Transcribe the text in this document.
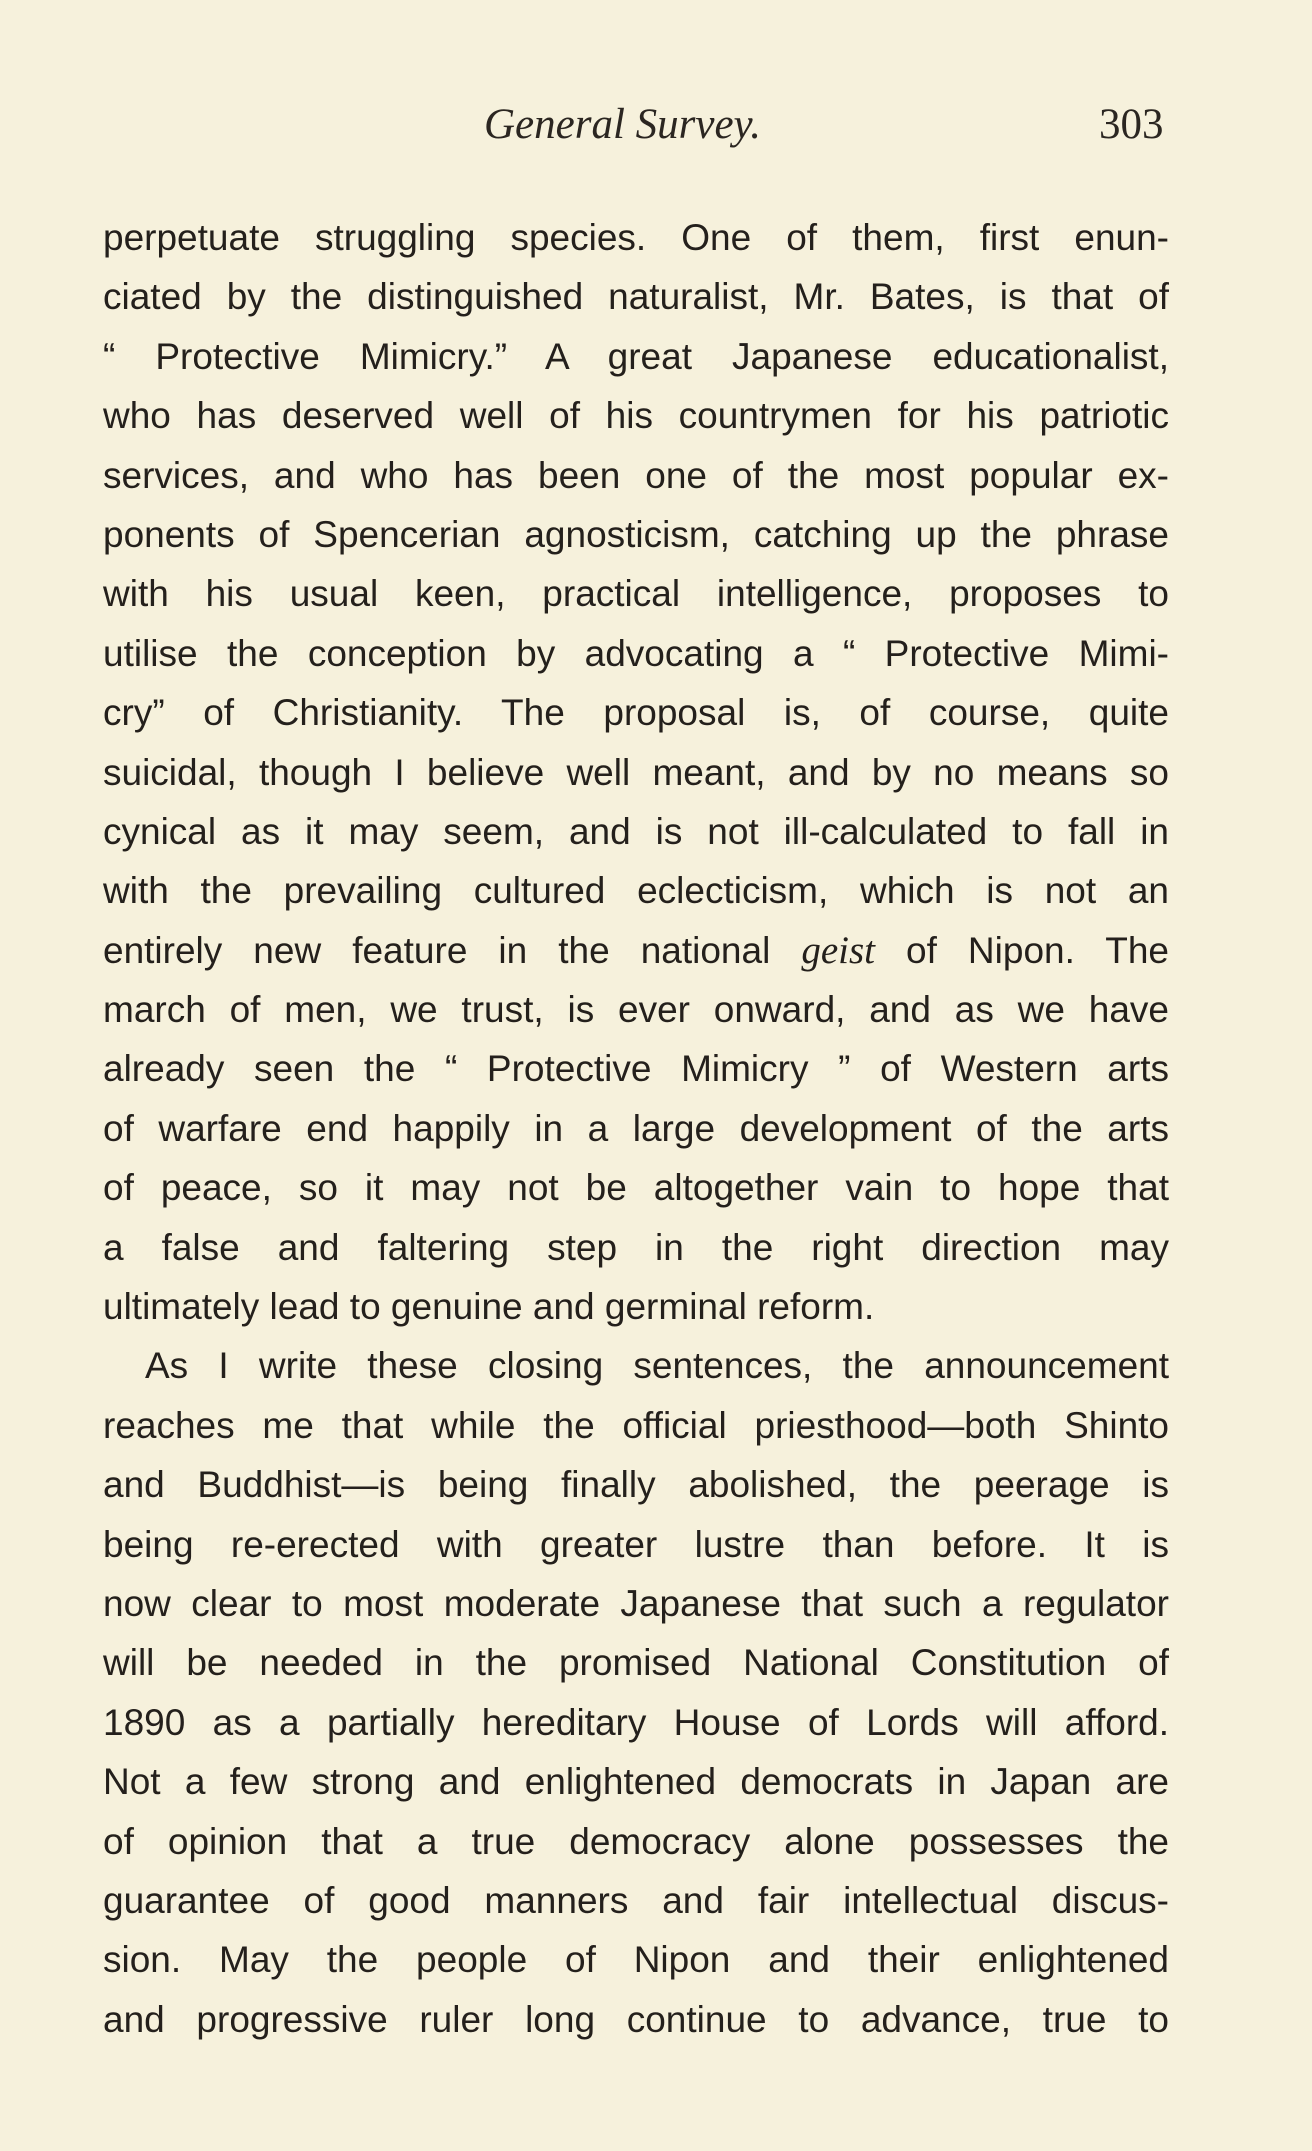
General Survey.	303
perpetuate struggling species. One of them, first enun-
ciated by the distinguished naturalist, Mr. Bates, is that of
“ Protective Mimicry.” A great Japanese educationalist,
who has deserved well of his countrymen for his patriotic
services, and who has been one of the most popular ex-
ponents of Spencerian agnosticism, catching up the phrase
with his usual keen, practical intelligence, proposes to
utilise the conception by advocating a “ Protective Mimi-
cry” of Christianity. The proposal is, of course, quite
suicidal, though I believe well meant, and by no means so
cynical as it may seem, and is not ill-calculated to fall in
with the prevailing cultured eclecticism, which is not an
entirely new feature in the national geist of Nipon. The
march of men, we trust, is ever onward, and as we have
already seen the “ Protective Mimicry ” of Western arts
of warfare end happily in a large development of the arts
of peace, so it may not be altogether vain to hope that
a false and faltering step in the right direction may
ultimately lead to genuine and germinal reform.
As I write these closing sentences, the announcement
reaches me that while the official priesthood—both Shinto
and Buddhist—is being finally abolished, the peerage is
being re-erected with greater lustre than before. It is
now clear to most moderate Japanese that such a regulator
will be needed in the promised National Constitution of
1890 as a partially hereditary House of Lords will afford.
Not a few strong and enlightened democrats in Japan are
of opinion that a true democracy alone possesses the
guarantee of good manners and fair intellectual discus-
sion. May the people of Nipon and their enlightened
and progressive ruler long continue to advance, true to
